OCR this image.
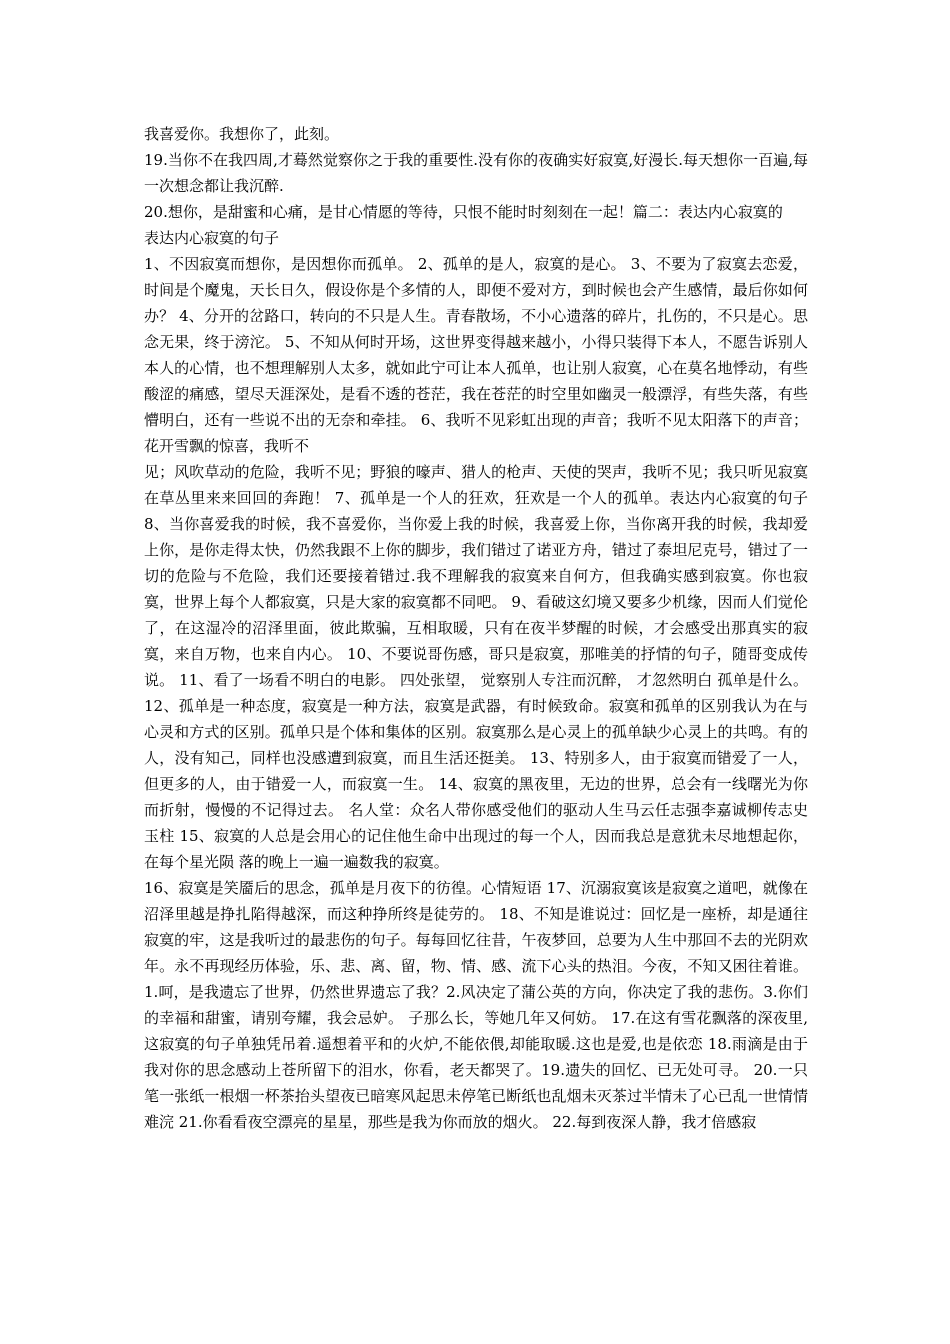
我喜爱你。我想你了，此刻。

19.当你不在我四周,才蓦然觉察你之于我的重要性.没有你的夜确实好寂寞,好漫长.每天想你一百遍,每一次想念都让我沉醉.

20.想你，是甜蜜和心痛，是甘心情愿的等待，只恨不能时时刻刻在一起！篇二：表达内心寂寞的

表达内心寂寞的句子

1、不因寂寞而想你，是因想你而孤单。 2、孤单的是人，寂寞的是心。 3、不要为了寂寞去恋爱，时间是个魔鬼，天长日久，假设你是个多情的人，即便不爱对方，到时候也会产生感情，最后你如何办？ 4、分开的岔路口，转向的不只是人生。青春散场，不小心遗落的碎片，扎伤的，不只是心。思念无果，终于滂沱。 5、不知从何时开场，这世界变得越来越小，小得只装得下本人，不愿告诉别人本人的心情，也不想理解别人太多，就如此宁可让本人孤单，也让别人寂寞，心在莫名地悸动，有些酸涩的痛感，望尽天涯深处，是看不透的苍茫，我在苍茫的时空里如幽灵一般漂浮，有些失落，有些懵明白，还有一些说不出的无奈和牵挂。 6、我听不见彩虹出现的声音；我听不见太阳落下的声音；花开雪飘的惊喜，我听不

见；风吹草动的危险，我听不见；野狼的嚎声、猎人的枪声、天使的哭声，我听不见；我只听见寂寞在草丛里来来回回的奔跑！ 7、孤单是一个人的狂欢，狂欢是一个人的孤单。表达内心寂寞的句子 8、当你喜爱我的时候，我不喜爱你，当你爱上我的时候，我喜爱上你，当你离开我的时候，我却爱上你，是你走得太快，仍然我跟不上你的脚步，我们错过了诺亚方舟，错过了泰坦尼克号，错过了一切的危险与不危险，我们还要接着错过.我不理解我的寂寞来自何方，但我确实感到寂寞。你也寂寞，世界上每个人都寂寞，只是大家的寂寞都不同吧。 9、看破这幻境又要多少机缘，因而人们觉伦了，在这湿冷的沼泽里面，彼此欺骗，互相取暖，只有在夜半梦醒的时候，才会感受出那真实的寂寞，来自万物，也来自内心。 10、不要说哥伤感，哥只是寂寞，那唯美的抒情的句子，随哥变成传说。 11、看了一场看不明白的电影。 四处张望， 觉察别人专注而沉醉， 才忽然明白 孤单是什么。 12、孤单是一种态度，寂寞是一种方法，寂寞是武器，有时候致命。寂寞和孤单的区别我认为在与心灵和方式的区别。孤单只是个体和集体的区别。寂寞那么是心灵上的孤单缺少心灵上的共鸣。有的人，没有知己，同样也没感遭到寂寞，而且生活还挺美。 13、特别多人，由于寂寞而错爱了一人，但更多的人，由于错爱一人，而寂寞一生。 14、寂寞的黑夜里，无边的世界，总会有一线曙光为你而折射，慢慢的不记得过去。 名人堂：众名人带你感受他们的驱动人生马云任志强李嘉诚柳传志史玉柱 15、寂寞的人总是会用心的记住他生命中出现过的每一个人，因而我总是意犹未尽地想起你，在每个星光陨 落的晚上一遍一遍数我的寂寞。

16、寂寞是笑靥后的思念，孤单是月夜下的彷徨。心情短语 17、沉溺寂寞该是寂寞之道吧，就像在沼泽里越是挣扎陷得越深，而这种挣所终是徒劳的。 18、不知是谁说过：回忆是一座桥，却是通往寂寞的牢，这是我听过的最悲伤的句子。每每回忆往昔，午夜梦回，总要为人生中那回不去的光阴欢年。永不再现经历体验，乐、悲、离、留，物、情、感、流下心头的热泪。今夜，不知又困往着谁。1.呵，是我遗忘了世界，仍然世界遗忘了我？2.风决定了蒲公英的方向，你决定了我的悲伤。3.你们的幸福和甜蜜，请别夸耀，我会忌妒。 子那么长，等她几年又何妨。 17.在这有雪花飘落的深夜里,这寂寞的句子单独凭吊着.遥想着平和的火炉,不能依偎,却能取暖.这也是爱,也是依恋 18.雨滴是由于我对你的思念感动上苍所留下的泪水，你看，老天都哭了。19.遗失的回忆、已无处可寻。 20.一只笔一张纸一根烟一杯茶抬头望夜已暗寒风起思未停笔已断纸也乱烟未灭茶过半情未了心已乱一世情情难浣 21.你看看夜空漂亮的星星，那些是我为你而放的烟火。 22.每到夜深人静，我才倍感寂
